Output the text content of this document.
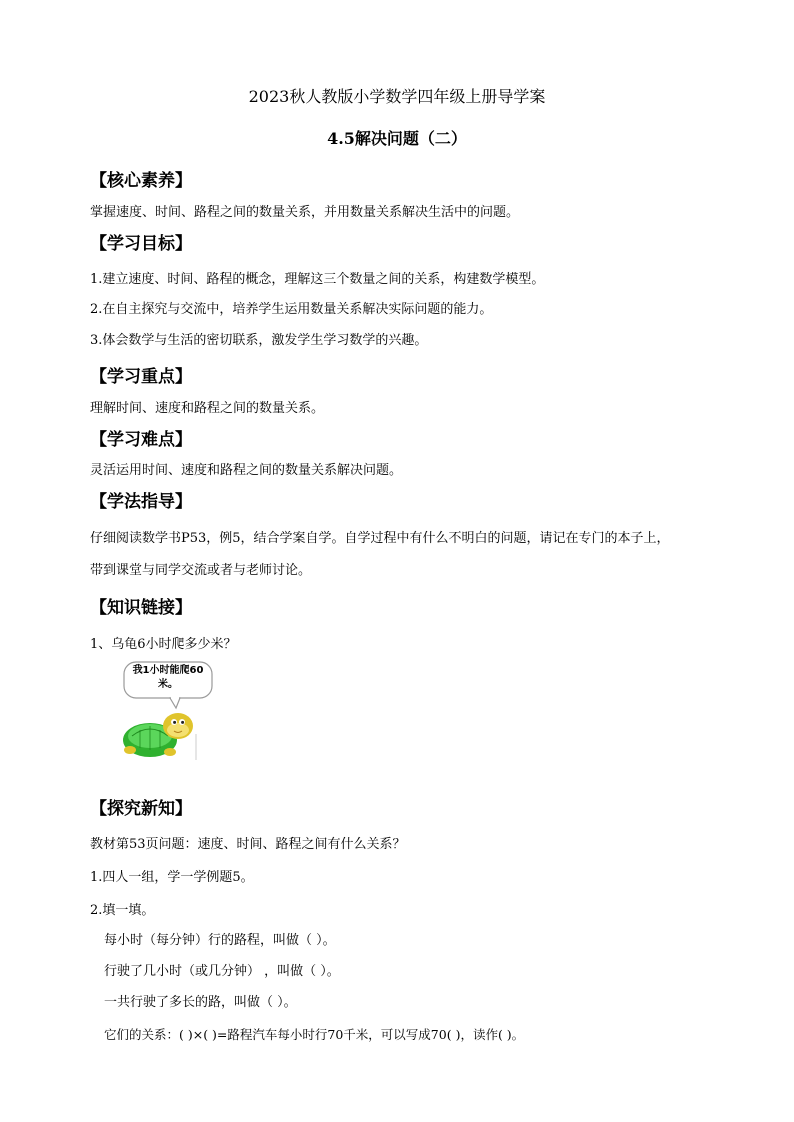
2023秋人教版小学数学四年级上册导学案
4.5解决问题（二）
【核心素养】
掌握速度、时间、路程之间的数量关系，并用数量关系解决生活中的问题。
【学习目标】
1.建立速度、时间、路程的概念，理解这三个数量之间的关系，构建数学模型。
2.在自主探究与交流中，培养学生运用数量关系解决实际问题的能力。
3.体会数学与生活的密切联系，激发学生学习数学的兴趣。
【学习重点】
理解时间、速度和路程之间的数量关系。
【学习难点】
灵活运用时间、速度和路程之间的数量关系解决问题。
【学法指导】
仔细阅读数学书P53，例5，结合学案自学。自学过程中有什么不明白的问题，请记在专门的本子上，
带到课堂与同学交流或者与老师讨论。
【知识链接】
1、乌龟6小时爬多少米？
我1小时能爬60
米。
【探究新知】
教材第53页问题：速度、时间、路程之间有什么关系？
1.四人一组，学一学例题5。
2.填一填。
每小时（每分钟）行的路程，叫做（ ）。
行驶了几小时（或几分钟） ，叫做（ ）。
一共行驶了多长的路，叫做（ ）。
它们的关系：( )×( )=路程汽车每小时行70千米，可以写成70( )，读作( )。
